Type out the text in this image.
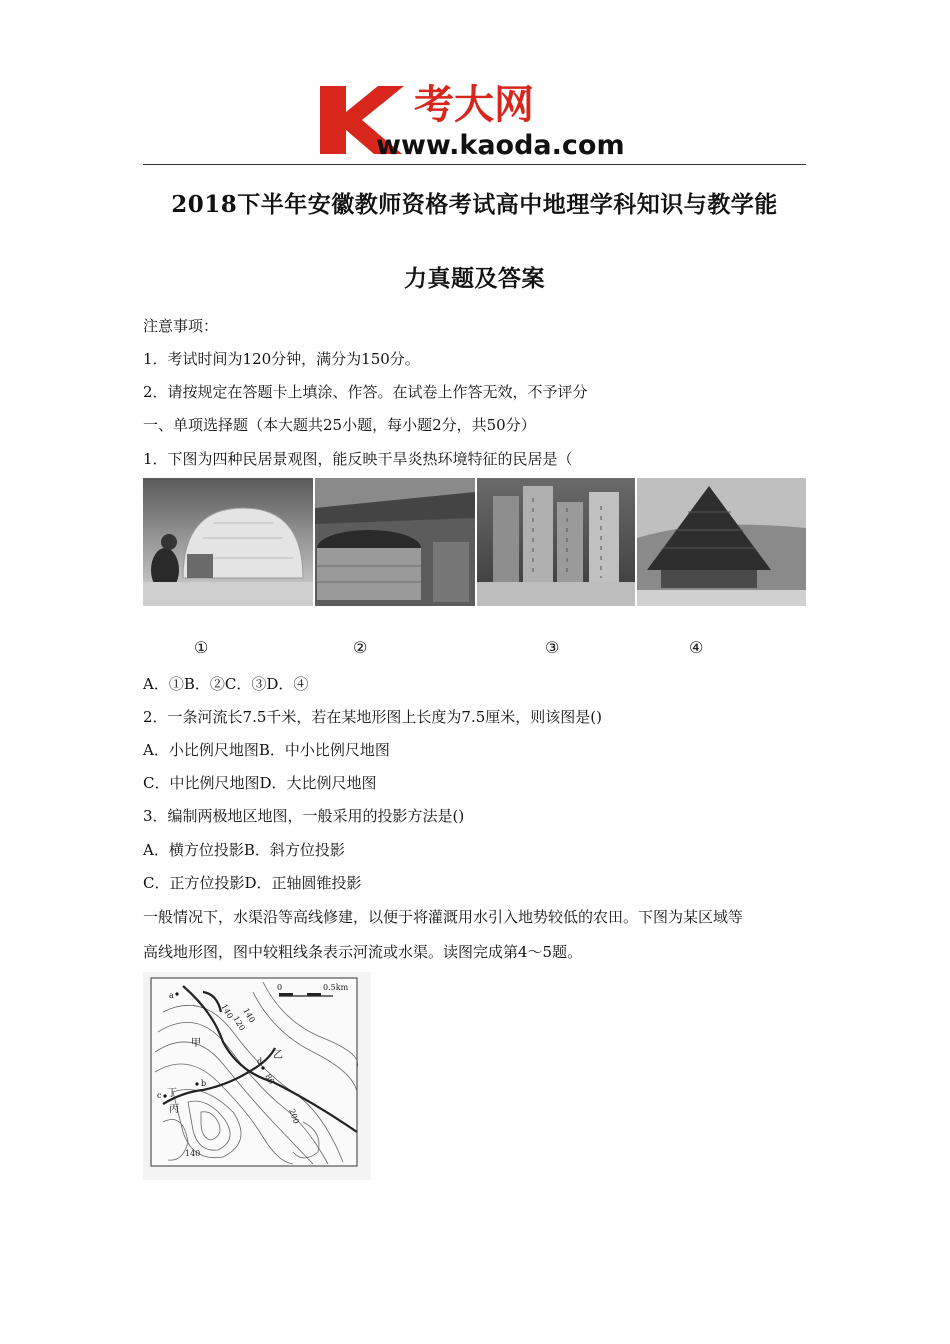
考大网
www.kaoda.com
2018下半年安徽教师资格考试高中地理学科知识与教学能
力真题及答案
注意事项：
1．考试时间为120分钟，满分为150分。
2．请按规定在答题卡上填涂、作答。在试卷上作答无效，不予评分
一、单项选择题（本大题共25小题，每小题2分，共50分）
1．下图为四种民居景观图，能反映干旱炎热环境特征的民居是（
①	②	③	④
A．①B．②C．③D．④
2．一条河流长7.5千米，若在某地形图上长度为7.5厘米，则该图是()
A．小比例尺地图B．中小比例尺地图
C．中比例尺地图D．大比例尺地图
3．编制两极地区地图，一般采用的投影方法是()
A．横方位投影B．斜方位投影
C．正方位投影D．正轴圆锥投影
一般情况下，水渠沿等高线修建，以便于将灌溉用水引入地势较低的农田。下图为某区域等
高线地形图，图中较粗线条表示河流或水渠。读图完成第4～5题。
0	0.5km
140
120
140
80
200
140
甲
乙
丙
丁
a
b
c
d
